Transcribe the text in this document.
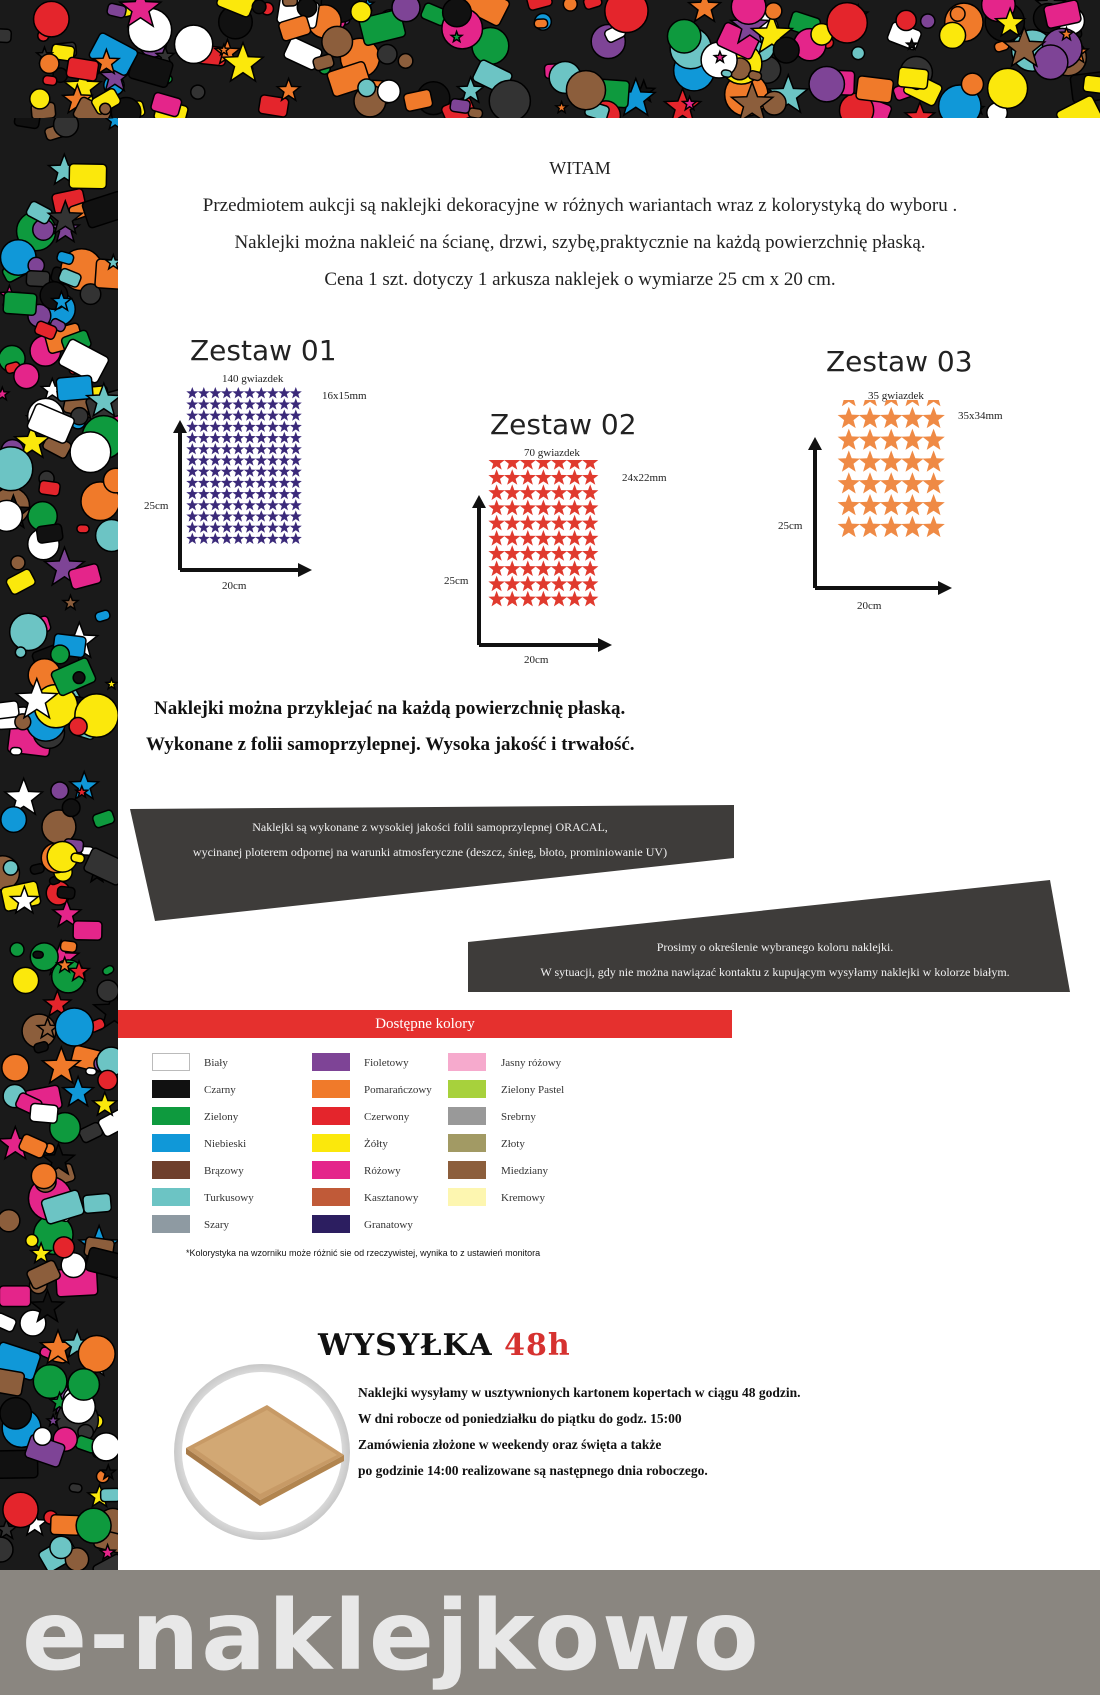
WITAM
Przedmiotem aukcji są naklejki dekoracyjne w różnych wariantach wraz z kolorystyką do wyboru .
Naklejki można nakleić na ścianę, drzwi, szybę,praktycznie na każdą powierzchnię płaską.
Cena 1 szt. dotyczy 1 arkusza naklejek o wymiarze 25 cm x 20 cm.
Zestaw 01
140 gwiazdek
16x15mm
25cm
20cm
Zestaw 02
70 gwiazdek
24x22mm
25cm
20cm
Zestaw 03
35 gwiazdek
35x34mm
25cm
20cm
Naklejki można przyklejać na każdą powierzchnię płaską.
Wykonane z folii samoprzylepnej. Wysoka jakość i trwałość.
Naklejki są wykonane z wysokiej jakości folii samoprzylepnej ORACAL,
wycinanej ploterem odpornej na warunki atmosferyczne (deszcz, śnieg, błoto, prominiowanie UV)
Prosimy o określenie wybranego koloru naklejki.
W sytuacji, gdy nie można nawiązać kontaktu z kupującym wysyłamy naklejki w kolorze białym.
Dostępne kolory
Biały
Czarny
Zielony
Niebieski
Brązowy
Turkusowy
Szary
Fioletowy
Pomarańczowy
Czerwony
Żółty
Różowy
Kasztanowy
Granatowy
Jasny różowy
Zielony Pastel
Srebrny
Złoty
Miedziany
Kremowy
*Kolorystyka na wzorniku może różnić sie od rzeczywistej, wynika to z ustawień monitora
WYSYŁKA 48h
Naklejki wysyłamy w usztywnionych kartonem kopertach w ciągu 48 godzin.
W dni robocze od poniedziałku do piątku do godz. 15:00
Zamówienia złożone w weekendy oraz święta a także
po godzinie 14:00 realizowane są następnego dnia roboczego.
e-naklejkowo
